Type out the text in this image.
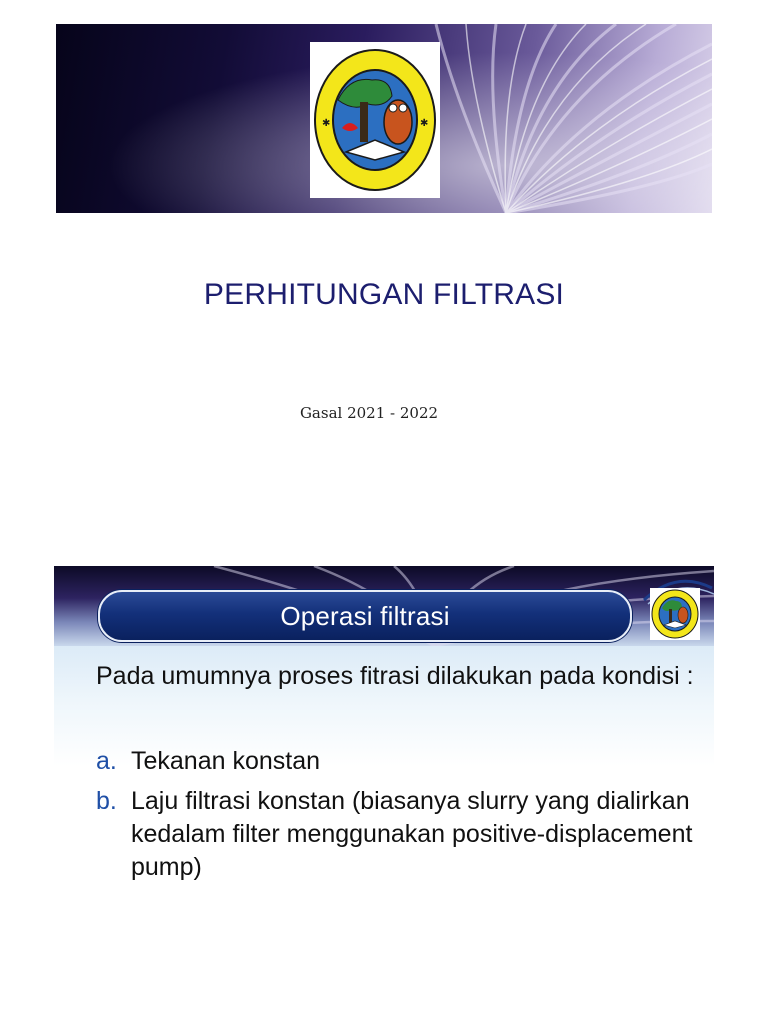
✱	✱
PERHITUNGAN FILTRASI
Gasal 2021 - 2022
Operasi filtrasi

Pada umumnya proses fitrasi dilakukan pada kondisi :

a. Tekanan konstan
b. Laju filtrasi konstan (biasanya slurry yang dialirkan kedalam filter menggunakan positive-displacement pump)
